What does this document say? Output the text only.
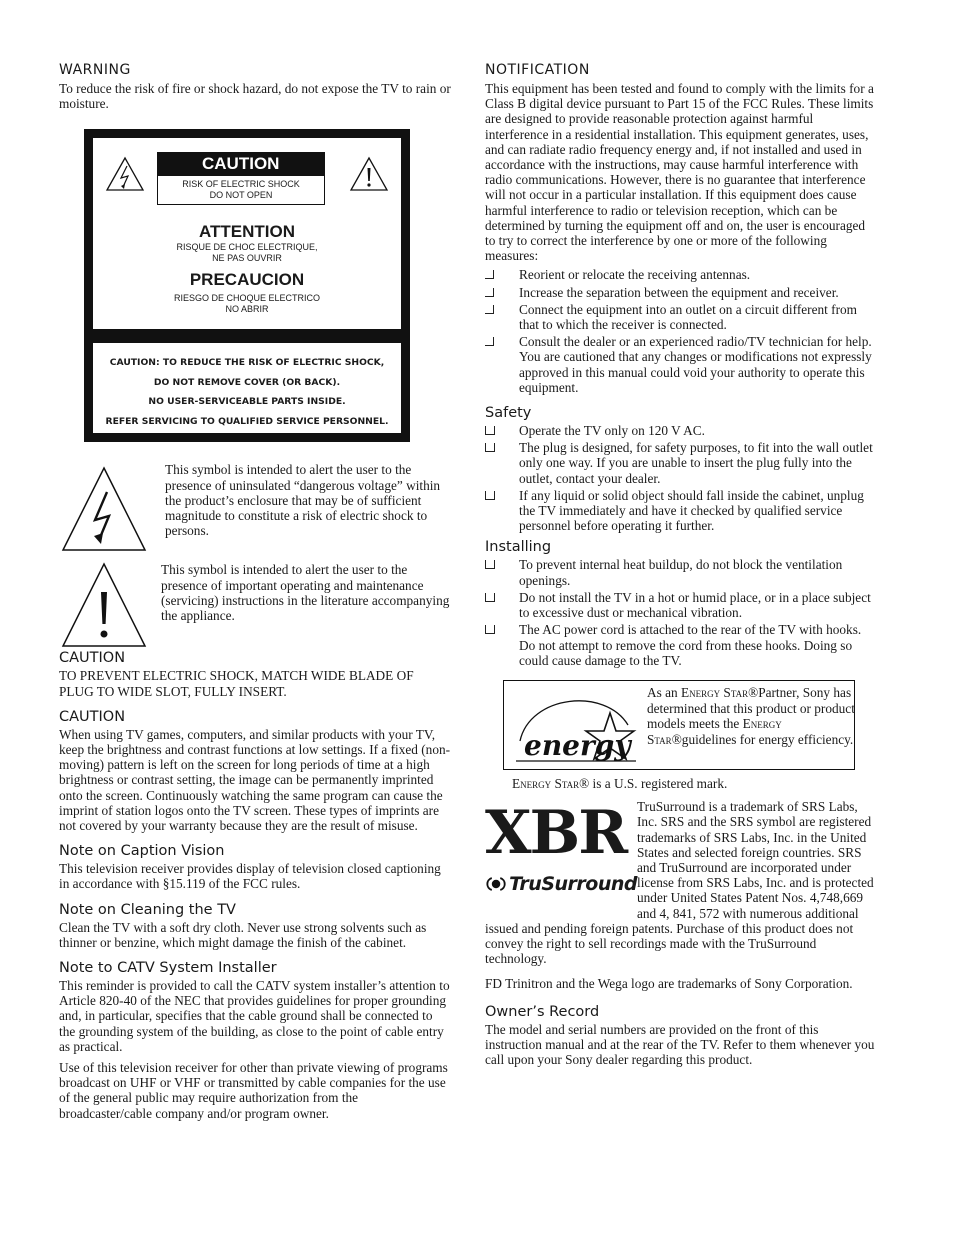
WARNING

To reduce the risk of fire or shock hazard, do not expose the TV to rain or moisture.

CAUTION
RISK OF ELECTRIC SHOCK
DO NOT OPEN
ATTENTION
RISQUE DE CHOC ELECTRIQUE,
NE PAS OUVRIR
PRECAUCION
RIESGO DE CHOQUE ELECTRICO
NO ABRIR
CAUTION: TO REDUCE THE RISK OF ELECTRIC SHOCK,
DO NOT REMOVE COVER (OR BACK).
NO USER-SERVICEABLE PARTS INSIDE.
REFER SERVICING TO QUALIFIED SERVICE PERSONNEL.

This symbol is intended to alert the user to the presence of uninsulated “dangerous voltage” within the product’s enclosure that may be of sufficient magnitude to constitute a risk of electric shock to persons.

This symbol is intended to alert the user to the presence of important operating and maintenance (servicing) instructions in the literature accompanying the appliance.

CAUTION

TO PREVENT ELECTRIC SHOCK, MATCH WIDE BLADE OF PLUG TO WIDE SLOT, FULLY INSERT.

CAUTION

When using TV games, computers, and similar products with your TV, keep the brightness and contrast functions at low settings. If a fixed (non-moving) pattern is left on the screen for long periods of time at a high brightness or contrast setting, the image can be permanently imprinted onto the screen. Continuously watching the same program can cause the imprint of station logos onto the TV screen. These types of imprints are not covered by your warranty because they are the result of misuse.

Note on Caption Vision

This television receiver provides display of television closed captioning in accordance with §15.119 of the FCC rules.

Note on Cleaning the TV

Clean the TV with a soft dry cloth. Never use strong solvents such as thinner or benzine, which might damage the finish of the cabinet.

Note to CATV System Installer

This reminder is provided to call the CATV system installer’s attention to Article 820-40 of the NEC that provides guidelines for proper grounding and, in particular, specifies that the cable ground shall be connected to the grounding system of the building, as close to the point of cable entry as practical.

Use of this television receiver for other than private viewing of programs broadcast on UHF or VHF or transmitted by cable companies for the use of the general public may require authorization from the broadcaster/cable company and/or program owner.

NOTIFICATION

This equipment has been tested and found to comply with the limits for a Class B digital device pursuant to Part 15 of the FCC Rules. These limits are designed to provide reasonable protection against harmful interference in a residential installation. This equipment generates, uses, and can radiate radio frequency energy and, if not installed and used in accordance with the instructions, may cause harmful interference with radio communications. However, there is no guarantee that interference will not occur in a particular installation. If this equipment does cause harmful interference to radio or television reception, which can be determined by turning the equipment off and on, the user is encouraged to try to correct the interference by one or more of the following measures:

Reorient or relocate the receiving antennas.
Increase the separation between the equipment and receiver.
Connect the equipment into an outlet on a circuit different from that to which the receiver is connected.
Consult the dealer or an experienced radio/TV technician for help.

You are cautioned that any changes or modifications not expressly approved in this manual could void your authority to operate this equipment.

Safety
Operate the TV only on 120 V AC.
The plug is designed, for safety purposes, to fit into the wall outlet only one way. If you are unable to insert the plug fully into the outlet, contact your dealer.
If any liquid or solid object should fall inside the cabinet, unplug the TV immediately and have it checked by qualified service personnel before operating it further.
Installing
To prevent internal heat buildup, do not block the ventilation openings.
Do not install the TV in a hot or humid place, or in a place subject to excessive dust or mechanical vibration.
The AC power cord is attached to the rear of the TV with hooks. Do not attempt to remove the cord from these hooks. Doing so could cause damage to the TV.
energy
As an Energy Star®Partner, Sony has determined that this product or product models meets the Energy Star®guidelines for energy efficiency.

Energy Star® is a U.S. registered mark.

XBR
TruSurround

TruSurround is a trademark of SRS Labs, Inc. SRS and the SRS symbol are registered trademarks of SRS Labs, Inc. in the United States and selected foreign countries. SRS and TruSurround are incorporated under license from SRS Labs, Inc. and is protected under United States Patent Nos. 4,748,669 and 4, 841, 572 with numerous additional issued and pending foreign patents. Purchase of this product does not convey the right to sell recordings made with the TruSurround technology.

FD Trinitron and the Wega logo are trademarks of Sony Corporation.

Owner’s Record

The model and serial numbers are provided on the front of this instruction manual and at the rear of the TV. Refer to them whenever you call upon your Sony dealer regarding this product.
